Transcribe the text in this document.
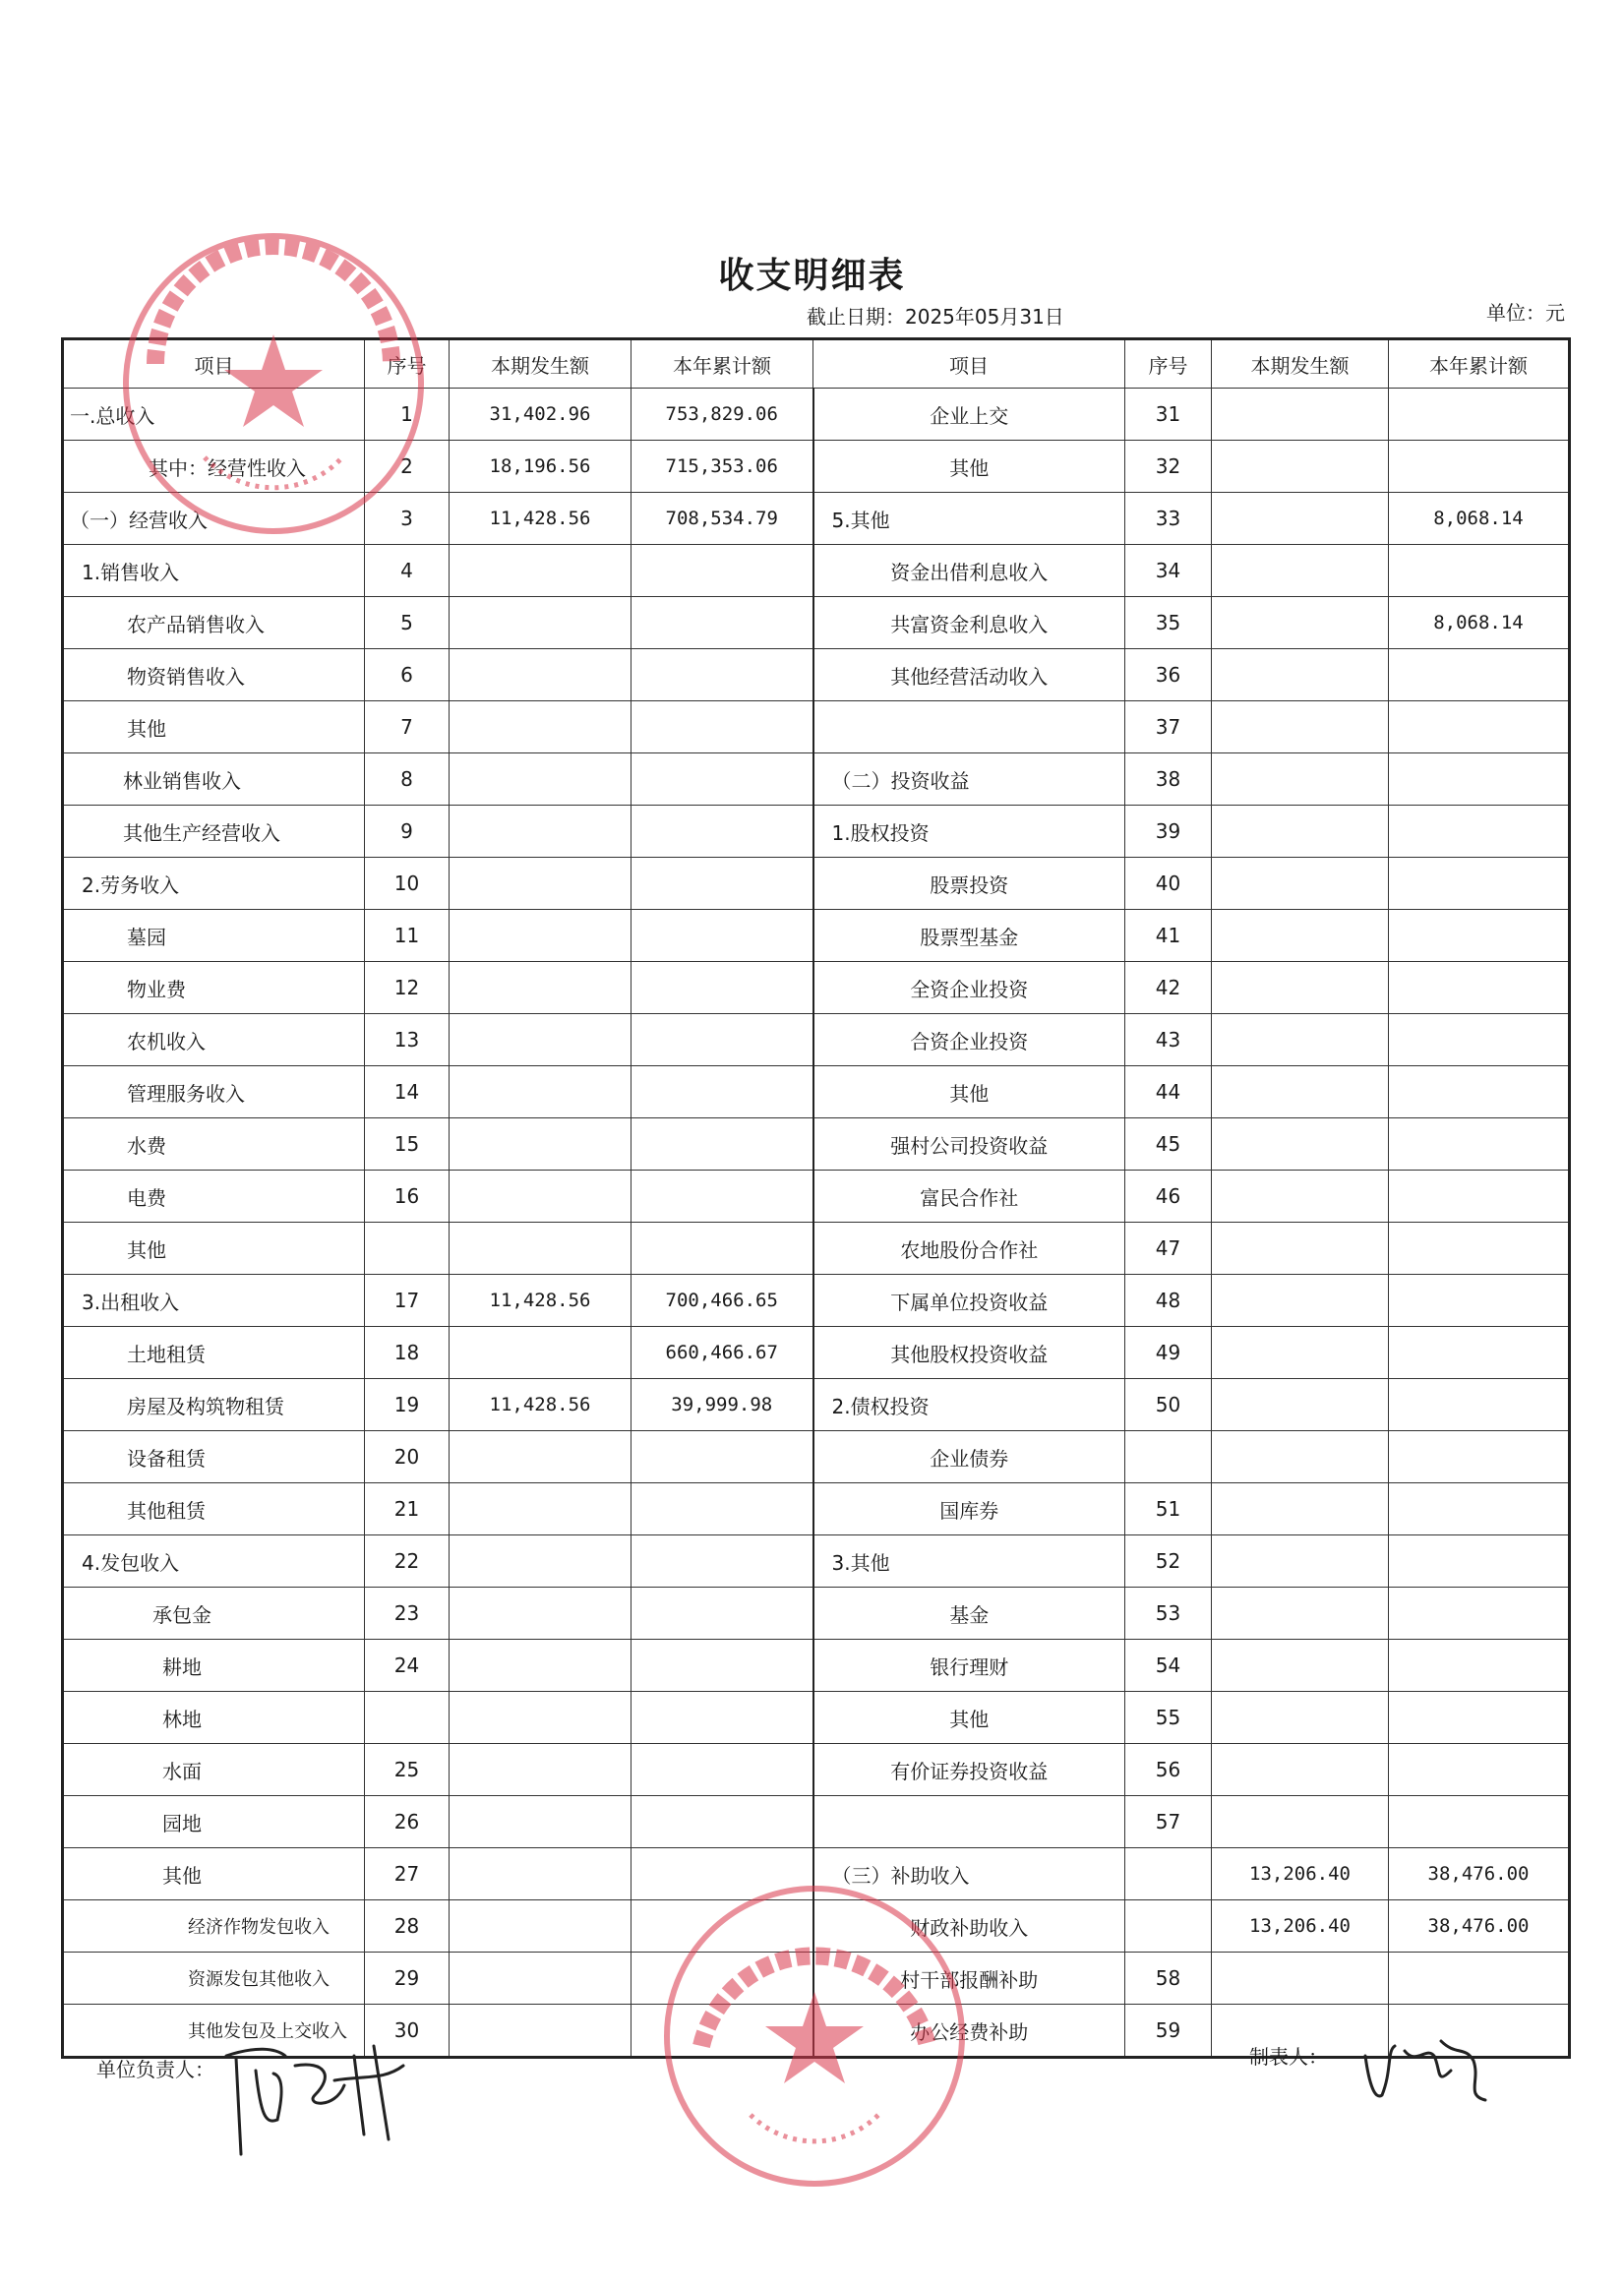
收支明细表
截止日期：2025年05月31日	单位：元
项目	序号	本期发生额	本年累计额	项目	序号	本期发生额	本年累计额
一.总收入	1	31,402.96	753,829.06	企业上交	31		
其中：经营性收入	2	18,196.56	715,353.06	其他	32		
（一）经营收入	3	11,428.56	708,534.79	5.其他	33		8,068.14
1.销售收入	4			资金出借利息收入	34		
农产品销售收入	5			共富资金利息收入	35		8,068.14
物资销售收入	6			其他经营活动收入	36		
其他	7				37		
林业销售收入	8			（二）投资收益	38		
其他生产经营收入	9			1.股权投资	39		
2.劳务收入	10			股票投资	40		
墓园	11			股票型基金	41		
物业费	12			全资企业投资	42		
农机收入	13			合资企业投资	43		
管理服务收入	14			其他	44		
水费	15			强村公司投资收益	45		
电费	16			富民合作社	46		
其他				农地股份合作社	47		
3.出租收入	17	11,428.56	700,466.65	下属单位投资收益	48		
土地租赁	18		660,466.67	其他股权投资收益	49		
房屋及构筑物租赁	19	11,428.56	39,999.98	2.债权投资	50		
设备租赁	20			企业债券			
其他租赁	21			国库券	51		
4.发包收入	22			3.其他	52		
承包金	23			基金	53		
耕地	24			银行理财	54		
林地				其他	55		
水面	25			有价证券投资收益	56		
园地	26				57		
其他	27			（三）补助收入		13,206.40	38,476.00
经济作物发包收入	28			财政补助收入		13,206.40	38,476.00
资源发包其他收入	29			村干部报酬补助	58		
其他发包及上交收入	30			办公经费补助	59		
单位负责人：
制表人：
